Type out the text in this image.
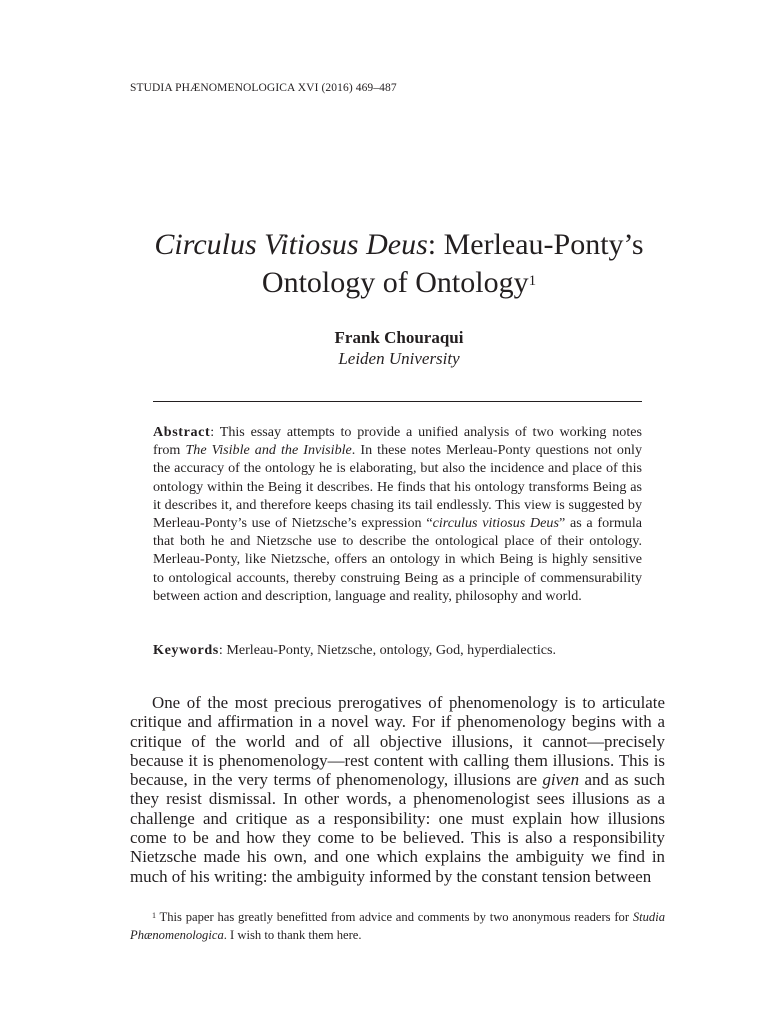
STUDIA PHÆNOMENOLOGICA XVI (2016) 469–487
Circulus Vitiosus Deus: Merleau-Ponty’s
Ontology of Ontology$^1$
Frank Chouraqui
Leiden University
Abstract: This essay attempts to provide a unified analysis of two working notes from The Visible and the Invisible. In these notes Merleau-Ponty questions not only the accuracy of the ontology he is elaborating, but also the incidence and place of this ontology within the Being it describes. He finds that his ontology transforms Being as it describes it, and therefore keeps chasing its tail endlessly. This view is suggested by Merleau-Ponty’s use of Nietzsche’s expression “circulus vitiosus Deus” as a formula that both he and Nietzsche use to describe the ontological place of their ontology. Merleau-Ponty, like Nietzsche, offers an ontology in which Being is highly sensitive to ontological accounts, thereby construing Being as a principle of commensurability between action and description, language and reality, philosophy and world.
Keywords: Merleau-Ponty, Nietzsche, ontology, God, hyperdialectics.

One of the most precious prerogatives of phenomenology is to articulate critique and affirmation in a novel way. For if phenomenology begins with a critique of the world and of all objective illusions, it cannot—precisely because it is phenomenology—rest content with calling them illusions. This is because, in the very terms of phenomenology, illusions are given and as such they resist dismissal. In other words, a phenomenologist sees illusions as a challenge and critique as a responsibility: one must explain how illusions come to be and how they come to be believed. This is also a responsibility Nietzsche made his own, and one which explains the ambiguity we find in much of his writing: the ambiguity informed by the constant tension between

$^1$ This paper has greatly benefitted from advice and comments by two anonymous readers for Studia Phænomenologica. I wish to thank them here.
